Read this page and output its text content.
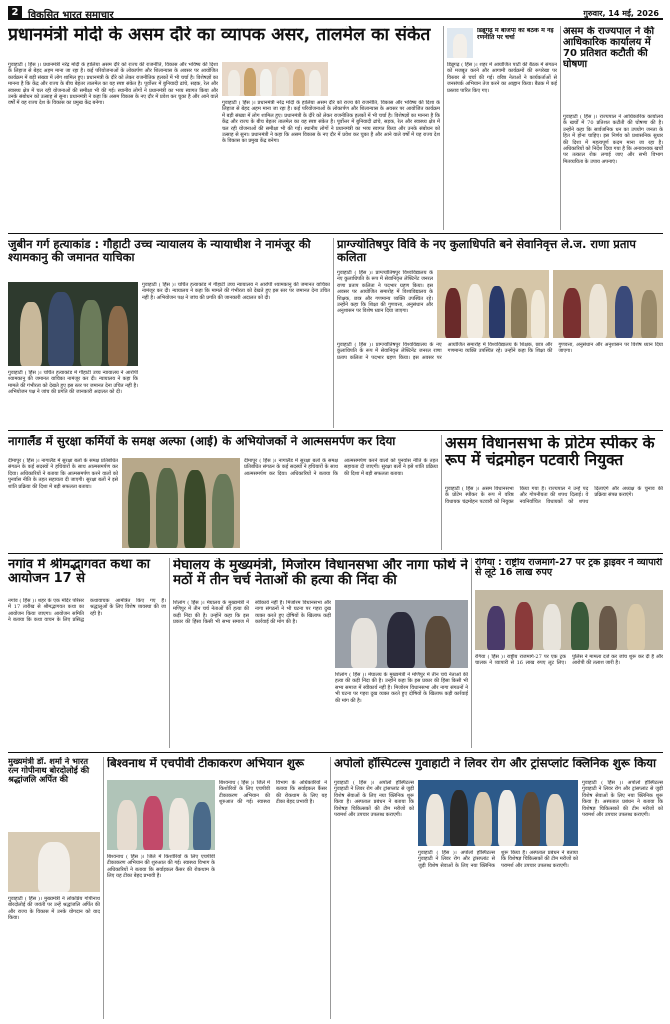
2 विकसित भारत समाचार	गुरुवार, 14 मई, 2026
प्रधानमंत्री मोदी के असम दौरे का व्यापक असर, तालमेल का संकेत
गुवाहाटी ( हिंस )। प्रधानमंत्री नरेंद्र मोदी के हालिया असम दौरे को राज्य की राजनीति, विकास और भविष्य की दिशा के लिहाज से बेहद अहम माना जा रहा है। कई परियोजनाओं के लोकार्पण और शिलान्यास के अवसर पर आयोजित कार्यक्रम में बड़ी संख्या में लोग शामिल हुए। प्रधानमंत्री के दौरे को लेकर राजनीतिक हलकों में भी चर्चा है। विशेषज्ञों का मानना है कि केंद्र और राज्य के बीच बेहतर तालमेल का यह स्पष्ट संकेत है। पूर्वोत्तर में बुनियादी ढांचे, सड़क, रेल और स्वास्थ्य क्षेत्र में चल रही योजनाओं की समीक्षा भी की गई। स्थानीय लोगों ने प्रधानमंत्री का भव्य स्वागत किया और उनके संबोधन को उत्साह से सुना। प्रधानमंत्री ने कहा कि असम विकास के नए दौर में प्रवेश कर चुका है और आने वाले वर्षों में यह राज्य देश के विकास का प्रमुख केंद्र बनेगा।	गुवाहाटी ( हिंस )। प्रधानमंत्री नरेंद्र मोदी के हालिया असम दौरे को राज्य की राजनीति, विकास और भविष्य की दिशा के लिहाज से बेहद अहम माना जा रहा है। कई परियोजनाओं के लोकार्पण और शिलान्यास के अवसर पर आयोजित कार्यक्रम में बड़ी संख्या में लोग शामिल हुए। प्रधानमंत्री के दौरे को लेकर राजनीतिक हलकों में भी चर्चा है। विशेषज्ञों का मानना है कि केंद्र और राज्य के बीच बेहतर तालमेल का यह स्पष्ट संकेत है। पूर्वोत्तर में बुनियादी ढांचे, सड़क, रेल और स्वास्थ्य क्षेत्र में चल रही योजनाओं की समीक्षा भी की गई। स्थानीय लोगों ने प्रधानमंत्री का भव्य स्वागत किया और उनके संबोधन को उत्साह से सुना। प्रधानमंत्री ने कहा कि असम विकास के नए दौर में प्रवेश कर चुका है और आने वाले वर्षों में यह राज्य देश के विकास का प्रमुख केंद्र बनेगा।
डिब्रूगढ़ में बीजेपी की बैठक में नई रणनीति पर चर्चा
डिब्रूगढ़ ( हिंस )। शहर में आयोजित पार्टी की बैठक में संगठन को मजबूत करने और आगामी कार्यक्रमों की रूपरेखा पर विस्तार से चर्चा की गई। वरिष्ठ नेताओं ने कार्यकर्ताओं से जनसंपर्क अभियान तेज करने का आह्वान किया। बैठक में कई प्रस्ताव पारित किए गए।
असम के राज्यपाल ने की आधिकारिक कार्यालय में 70 प्रतिशत कटौती की घोषणा
गुवाहाटी ( हिंस )। राज्यपाल ने आधिकारिक कार्यालय के खर्चों में 70 प्रतिशत कटौती की घोषणा की है। उन्होंने कहा कि सार्वजनिक धन का उपयोग जनता के हित में होना चाहिए। इस निर्णय को प्रशासनिक सुधार की दिशा में महत्वपूर्ण कदम माना जा रहा है। अधिकारियों को निर्देश दिया गया है कि अनावश्यक खर्चों पर तत्काल रोक लगाई जाए और सभी विभाग मितव्ययिता के उपाय अपनाएं।
जुबीन गर्ग हत्याकांड : गौहाटी उच्च न्यायालय के न्यायाधीश ने नामंजूर की श्यामकानु की जमानत याचिका
गुवाहाटी ( हिंस )। चर्चित हत्याकांड में गौहाटी उच्च न्यायालय ने आरोपी श्यामकानु की जमानत याचिका नामंजूर कर दी। न्यायालय ने कहा कि मामले की गंभीरता को देखते हुए इस स्तर पर जमानत देना उचित नहीं है। अभियोजन पक्ष ने जांच की प्रगति की जानकारी अदालत को दी।
गुवाहाटी ( हिंस )। चर्चित हत्याकांड में गौहाटी उच्च न्यायालय ने आरोपी श्यामकानु की जमानत याचिका नामंजूर कर दी। न्यायालय ने कहा कि मामले की गंभीरता को देखते हुए इस स्तर पर जमानत देना उचित नहीं है। अभियोजन पक्ष ने जांच की प्रगति की जानकारी अदालत को दी।
प्राग्ज्योतिषपुर विवि के नए कुलाधिपति बने सेवानिवृत्त ले.ज. राणा प्रताप कलिता
गुवाहाटी ( हिंस )। प्राग्ज्योतिषपुर विश्वविद्यालय के नए कुलाधिपति के रूप में सेवानिवृत्त लेफ्टिनेंट जनरल राणा प्रताप कलिता ने पदभार ग्रहण किया। इस अवसर पर आयोजित समारोह में विश्वविद्यालय के शिक्षक, छात्र और गणमान्य व्यक्ति उपस्थित रहे। उन्होंने कहा कि शिक्षा की गुणवत्ता, अनुसंधान और अनुशासन पर विशेष ध्यान दिया जाएगा।
गुवाहाटी ( हिंस )। प्राग्ज्योतिषपुर विश्वविद्यालय के नए कुलाधिपति के रूप में सेवानिवृत्त लेफ्टिनेंट जनरल राणा प्रताप कलिता ने पदभार ग्रहण किया। इस अवसर पर आयोजित समारोह में विश्वविद्यालय के शिक्षक, छात्र और गणमान्य व्यक्ति उपस्थित रहे। उन्होंने कहा कि शिक्षा की गुणवत्ता, अनुसंधान और अनुशासन पर विशेष ध्यान दिया जाएगा।
नागालैंड में सुरक्षा कर्मियों के समक्ष अल्फा (आई) के अभियोजकों ने आत्मसमर्पण कर दिया
दीमापुर ( हिंस )। नागालैंड में सुरक्षा बलों के समक्ष प्रतिबंधित संगठन के कई सदस्यों ने हथियारों के साथ आत्मसमर्पण कर दिया। अधिकारियों ने बताया कि आत्मसमर्पण करने वालों को पुनर्वास नीति के तहत सहायता दी जाएगी। सुरक्षा बलों ने इसे शांति प्रक्रिया की दिशा में बड़ी सफलता बताया।
दीमापुर ( हिंस )। नागालैंड में सुरक्षा बलों के समक्ष प्रतिबंधित संगठन के कई सदस्यों ने हथियारों के साथ आत्मसमर्पण कर दिया। अधिकारियों ने बताया कि आत्मसमर्पण करने वालों को पुनर्वास नीति के तहत सहायता दी जाएगी। सुरक्षा बलों ने इसे शांति प्रक्रिया की दिशा में बड़ी सफलता बताया।
असम विधानसभा के प्रोटेम स्पीकर के रूप में चंद्रमोहन पटवारी नियुक्त
गुवाहाटी ( हिंस )। असम विधानसभा के प्रोटेम स्पीकर के रूप में वरिष्ठ विधायक चंद्रमोहन पटवारी को नियुक्त किया गया है। राज्यपाल ने उन्हें पद और गोपनीयता की शपथ दिलाई। वे नवनिर्वाचित विधायकों को शपथ दिलाएंगे और अध्यक्ष के चुनाव की प्रक्रिया संपन्न कराएंगे।
नगांव में श्रीमद्भागवत कथा का आयोजन 17 से
नगांव ( हिंस )। शहर के एक मंदिर परिसर में 17 तारीख से श्रीमद्भागवत कथा का आयोजन किया जाएगा। आयोजन समिति ने बताया कि कथा वाचन के लिए प्रसिद्ध कथावाचक आमंत्रित किए गए हैं। श्रद्धालुओं के लिए विशेष व्यवस्था की जा रही है।
मेघालय के मुख्यमंत्री, मिजोरम विधानसभा और नागा फोर्थ ने मठों में तीन चर्च नेताओं की हत्या की निंदा की
शिलांग ( हिंस )। मेघालय के मुख्यमंत्री ने मणिपुर में तीन चर्च नेताओं की हत्या की कड़ी निंदा की है। उन्होंने कहा कि इस प्रकार की हिंसा किसी भी सभ्य समाज में स्वीकार्य नहीं है। मिजोरम विधानसभा और नागा संगठनों ने भी घटना पर गहरा दुख व्यक्त करते हुए दोषियों के खिलाफ कड़ी कार्रवाई की मांग की है।
शिलांग ( हिंस )। मेघालय के मुख्यमंत्री ने मणिपुर में तीन चर्च नेताओं की हत्या की कड़ी निंदा की है। उन्होंने कहा कि इस प्रकार की हिंसा किसी भी सभ्य समाज में स्वीकार्य नहीं है। मिजोरम विधानसभा और नागा संगठनों ने भी घटना पर गहरा दुख व्यक्त करते हुए दोषियों के खिलाफ कड़ी कार्रवाई की मांग की है।
रंगिया : राष्ट्रीय राजमार्ग-27 पर ट्रक ड्राइवर ने व्यापारी से लूटे 16 लाख रुपए
रंगिया ( हिंस )। राष्ट्रीय राजमार्ग-27 पर एक ट्रक चालक ने व्यापारी से 16 लाख रुपए लूट लिए। पुलिस ने मामला दर्ज कर जांच शुरू कर दी है और आरोपी की तलाश जारी है।
मुख्यमंत्री डॉ. शर्मा ने भारत रत्न गोपीनाथ बोरदोलोई की श्रद्धांजलि अर्पित की
गुवाहाटी ( हिंस )। मुख्यमंत्री ने लोकप्रिय गोपीनाथ बोरदोलोई की जयंती पर उन्हें श्रद्धांजलि अर्पित की और राज्य के विकास में उनके योगदान को याद किया।
बिश्वनाथ में एचपीवी टीकाकरण अभियान शुरू
बिश्वनाथ ( हिंस )। जिले में किशोरियों के लिए एचपीवी टीकाकरण अभियान की शुरुआत की गई। स्वास्थ्य विभाग के अधिकारियों ने बताया कि सर्वाइकल कैंसर की रोकथाम के लिए यह टीका बेहद प्रभावी है।
बिश्वनाथ ( हिंस )। जिले में किशोरियों के लिए एचपीवी टीकाकरण अभियान की शुरुआत की गई। स्वास्थ्य विभाग के अधिकारियों ने बताया कि सर्वाइकल कैंसर की रोकथाम के लिए यह टीका बेहद प्रभावी है।
अपोलो हॉस्पिटल्स गुवाहाटी ने लिवर रोग और ट्रांसप्लांट क्लिनिक शुरू किया
गुवाहाटी ( हिंस )। अपोलो हॉस्पिटल्स गुवाहाटी ने लिवर रोग और ट्रांसप्लांट से जुड़ी विशेष सेवाओं के लिए नया क्लिनिक शुरू किया है। अस्पताल प्रबंधन ने बताया कि विशेषज्ञ चिकित्सकों की टीम मरीजों को परामर्श और उपचार उपलब्ध कराएगी।
गुवाहाटी ( हिंस )। अपोलो हॉस्पिटल्स गुवाहाटी ने लिवर रोग और ट्रांसप्लांट से जुड़ी विशेष सेवाओं के लिए नया क्लिनिक शुरू किया है। अस्पताल प्रबंधन ने बताया कि विशेषज्ञ चिकित्सकों की टीम मरीजों को परामर्श और उपचार उपलब्ध कराएगी।
गुवाहाटी ( हिंस )। अपोलो हॉस्पिटल्स गुवाहाटी ने लिवर रोग और ट्रांसप्लांट से जुड़ी विशेष सेवाओं के लिए नया क्लिनिक शुरू किया है। अस्पताल प्रबंधन ने बताया कि विशेषज्ञ चिकित्सकों की टीम मरीजों को परामर्श और उपचार उपलब्ध कराएगी।
